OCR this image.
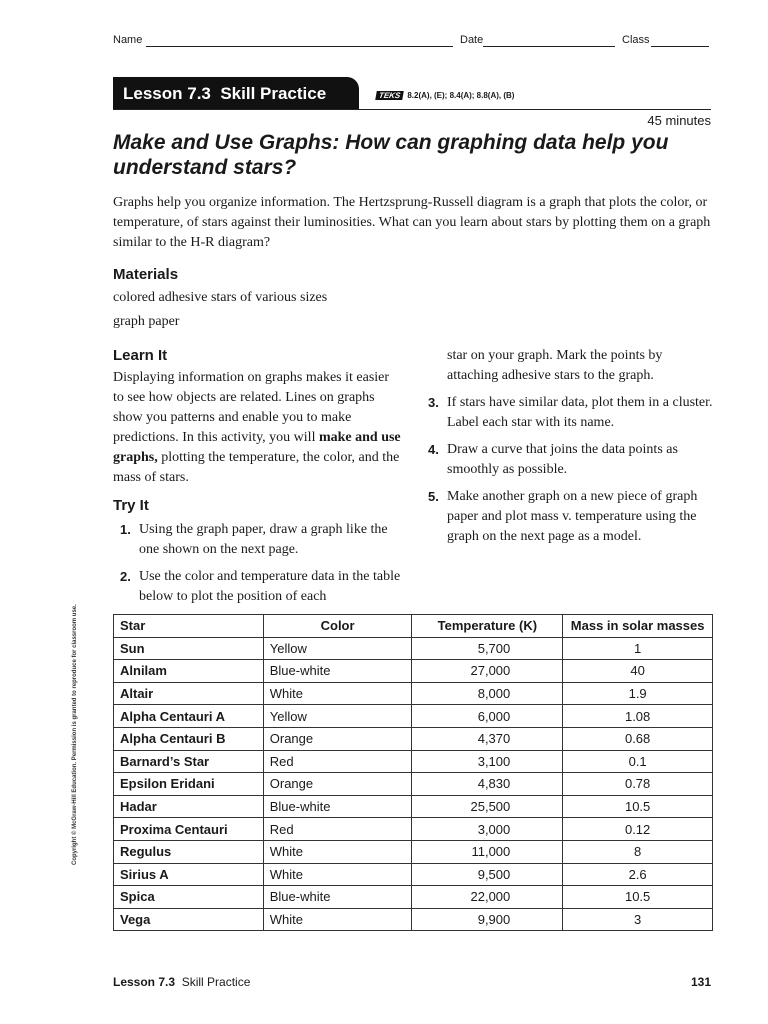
Name	Date	Class
Lesson 7.3 Skill Practice	TEKS 8.2(A), (E); 8.4(A); 8.8(A), (B)
45 minutes
Make and Use Graphs: How can graphing data help you understand stars?

Graphs help you organize information. The Hertzsprung-Russell diagram is a graph that plots the color, or temperature, of stars against their luminosities. What can you learn about stars by plotting them on a graph similar to the H-R diagram?

Materials

colored adhesive stars of various sizes

graph paper

Learn It

Displaying information on graphs makes it easier to see how objects are related. Lines on graphs show you patterns and enable you to make predictions. In this activity, you will make and use graphs, plotting the temperature, the color, and the mass of stars.

Try It
1. Using the graph paper, draw a graph like the one shown on the next page.
2. Use the color and temperature data in the table below to plot the position of each
star on your graph. Mark the points by attaching adhesive stars to the graph.
3. If stars have similar data, plot them in a cluster. Label each star with its name.
4. Draw a curve that joins the data points as smoothly as possible.
5. Make another graph on a new piece of graph paper and plot mass v. temperature using the graph on the next page as a model.
Copyright © McGraw-Hill Education. Permission is granted to reproduce for classroom use.	Star	Color	Temperature (K)	Mass in solar masses
Sun	Yellow	5,700	1
Alnilam	Blue-white	27,000	40
Altair	White	8,000	1.9
Alpha Centauri A	Yellow	6,000	1.08
Alpha Centauri B	Orange	4,370	0.68
Barnard’s Star	Red	3,100	0.1
Epsilon Eridani	Orange	4,830	0.78
Hadar	Blue-white	25,500	10.5
Proxima Centauri	Red	3,000	0.12
Regulus	White	11,000	8
Sirius A	White	9,500	2.6
Spica	Blue-white	22,000	10.5
Vega	White	9,900	3
Lesson 7.3 Skill Practice	131
